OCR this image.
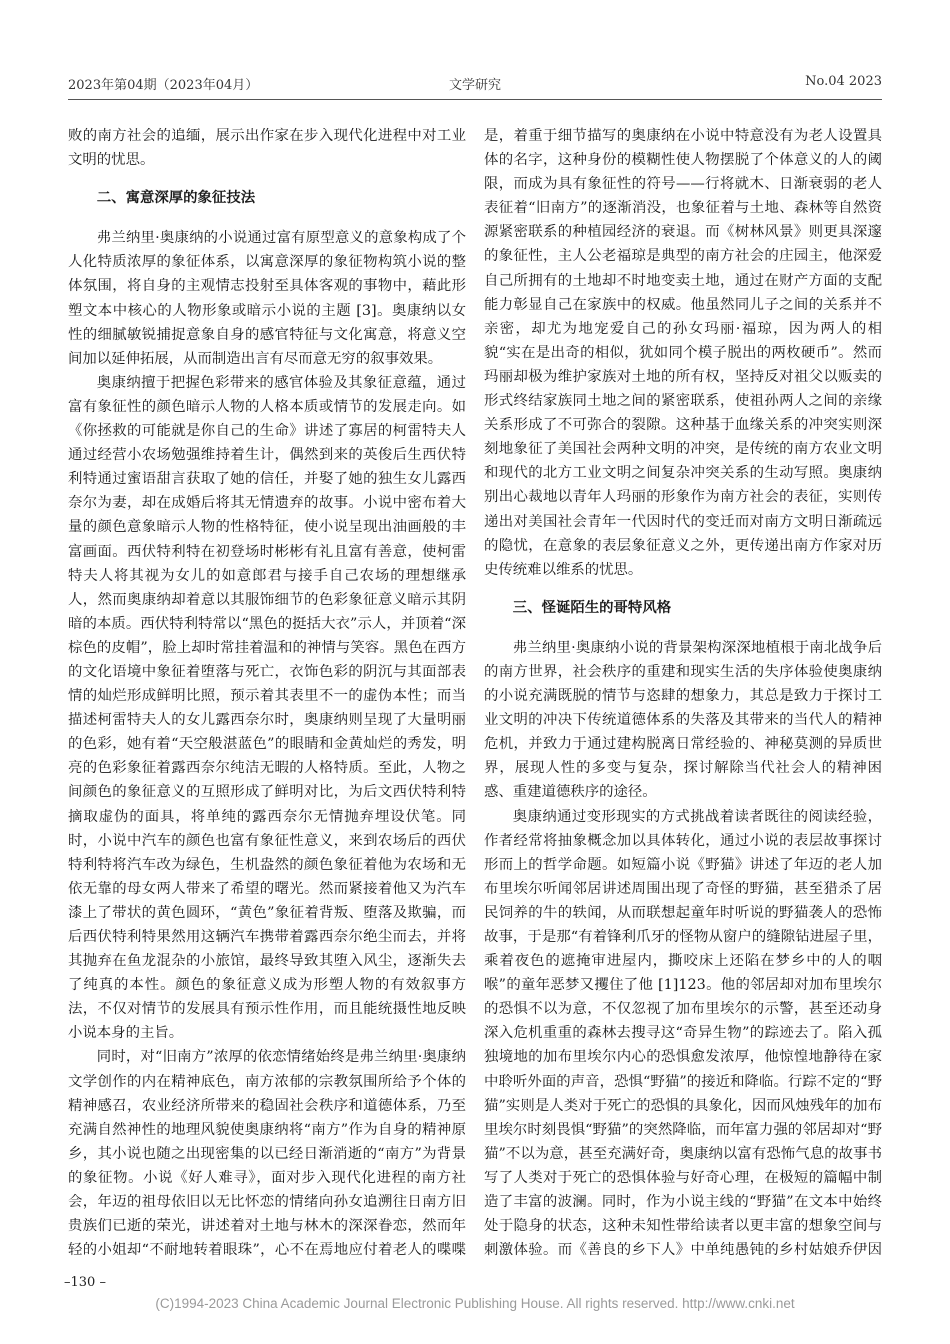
2023年第04期（2023年04月）	文学研究	No.04 2023

败的南方社会的追缅，展示出作家在步入现代化进程中对工业文明的忧思。

二、寓意深厚的象征技法

弗兰纳里·奥康纳的小说通过富有原型意义的意象构成了个人化特质浓厚的象征体系，以寓意深厚的象征物构筑小说的整体氛围，将自身的主观情志投射至具体客观的事物中，藉此形塑文本中核心的人物形象或暗示小说的主题 [3]。奥康纳以女性的细腻敏锐捕捉意象自身的感官特征与文化寓意，将意义空间加以延伸拓展，从而制造出言有尽而意无穷的叙事效果。

奥康纳擅于把握色彩带来的感官体验及其象征意蕴，通过富有象征性的颜色暗示人物的人格本质或情节的发展走向。如《你拯救的可能就是你自己的生命》讲述了寡居的柯雷特夫人通过经营小农场勉强维持着生计，偶然到来的英俊后生西伏特利特通过蜜语甜言获取了她的信任，并娶了她的独生女儿露西奈尔为妻，却在成婚后将其无情遗弃的故事。小说中密布着大量的颜色意象暗示人物的性格特征，使小说呈现出油画般的丰富画面。西伏特利特在初登场时彬彬有礼且富有善意，使柯雷特夫人将其视为女儿的如意郎君与接手自己农场的理想继承人，然而奥康纳却着意以其服饰细节的色彩象征意义暗示其阴暗的本质。西伏特利特常以“黑色的挺括大衣”示人，并顶着“深棕色的皮帽”，脸上却时常挂着温和的神情与笑容。黑色在西方的文化语境中象征着堕落与死亡，衣饰色彩的阴沉与其面部表情的灿烂形成鲜明比照，预示着其表里不一的虚伪本性；而当描述柯雷特夫人的女儿露西奈尔时，奥康纳则呈现了大量明丽的色彩，她有着“天空般湛蓝色”的眼睛和金黄灿烂的秀发，明亮的色彩象征着露西奈尔纯洁无暇的人格特质。至此，人物之间颜色的象征意义的互照形成了鲜明对比，为后文西伏特利特摘取虚伪的面具，将单纯的露西奈尔无情抛弃埋设伏笔。同时，小说中汽车的颜色也富有象征性意义，来到农场后的西伏特利特将汽车改为绿色，生机盎然的颜色象征着他为农场和无依无靠的母女两人带来了希望的曙光。然而紧接着他又为汽车漆上了带状的黄色圆环，“黄色”象征着背叛、堕落及欺骗，而后西伏特利特果然用这辆汽车携带着露西奈尔绝尘而去，并将其抛弃在鱼龙混杂的小旅馆，最终导致其堕入风尘，逐渐失去了纯真的本性。颜色的象征意义成为形塑人物的有效叙事方法，不仅对情节的发展具有预示性作用，而且能统摄性地反映小说本身的主旨。

同时，对“旧南方”浓厚的依恋情绪始终是弗兰纳里·奥康纳文学创作的内在精神底色，南方浓郁的宗教氛围所给予个体的精神感召，农业经济所带来的稳固社会秩序和道德体系，乃至充满自然神性的地理风貌使奥康纳将“南方”作为自身的精神原乡，其小说也随之出现密集的以已经日渐消逝的“南方”为背景的象征物。小说《好人难寻》，面对步入现代化进程的南方社会，年迈的祖母依旧以无比怀恋的情绪向孙女追溯往日南方旧贵族们已逝的荣光，讲述着对土地与林木的深深眷恋，然而年轻的小姐却“不耐地转着眼珠”，心不在焉地应付着老人的喋喋

是，着重于细节描写的奥康纳在小说中特意没有为老人设置具体的名字，这种身份的模糊性使人物摆脱了个体意义的人的阈限，而成为具有象征性的符号——行将就木、日渐衰弱的老人表征着“旧南方”的逐渐消没，也象征着与土地、森林等自然资源紧密联系的种植园经济的衰退。而《树林风景》则更具深邃的象征性，主人公老福琼是典型的南方社会的庄园主，他深爱自己所拥有的土地却不时地变卖土地，通过在财产方面的支配能力彰显自己在家族中的权威。他虽然同儿子之间的关系并不亲密，却尤为地宠爱自己的孙女玛丽·福琼，因为两人的相貌“实在是出奇的相似，犹如同个模子脱出的两枚硬币”。然而玛丽却极为维护家族对土地的所有权，坚持反对祖父以贩卖的形式终结家族同土地之间的紧密联系，使祖孙两人之间的亲缘关系形成了不可弥合的裂隙。这种基于血缘关系的冲突实则深刻地象征了美国社会两种文明的冲突，是传统的南方农业文明和现代的北方工业文明之间复杂冲突关系的生动写照。奥康纳别出心裁地以青年人玛丽的形象作为南方社会的表征，实则传递出对美国社会青年一代因时代的变迁而对南方文明日渐疏远的隐忧，在意象的表层象征意义之外，更传递出南方作家对历史传统难以维系的忧思。

三、怪诞陌生的哥特风格

弗兰纳里·奥康纳小说的背景架构深深地植根于南北战争后的南方世界，社会秩序的重建和现实生活的失序体验使奥康纳的小说充满既脱的情节与恣肆的想象力，其总是致力于探讨工业文明的冲决下传统道德体系的失落及其带来的当代人的精神危机，并致力于通过建构脱离日常经验的、神秘莫测的异质世界，展现人性的多变与复杂，探讨解除当代社会人的精神困惑、重建道德秩序的途径。

奥康纳通过变形现实的方式挑战着读者既往的阅读经验，作者经常将抽象概念加以具体转化，通过小说的表层故事探讨形而上的哲学命题。如短篇小说《野猫》讲述了年迈的老人加布里埃尔听闻邻居讲述周围出现了奇怪的野猫，甚至猎杀了居民饲养的牛的轶闻，从而联想起童年时听说的野猫袭人的恐怖故事，于是那“有着锋利爪牙的怪物从窗户的缝隙钻进屋子里，乘着夜色的遮掩审进屋内，撕咬床上还陷在梦乡中的人的咽喉”的童年恶梦又攫住了他 [1]123。他的邻居却对加布里埃尔的恐惧不以为意，不仅忽视了加布里埃尔的示警，甚至还动身深入危机重重的森林去搜寻这“奇异生物”的踪迹去了。陷入孤独境地的加布里埃尔内心的恐惧愈发浓厚，他惊惶地静待在家中聆听外面的声音，恐惧“野猫”的接近和降临。行踪不定的“野猫”实则是人类对于死亡的恐惧的具象化，因而风烛残年的加布里埃尔时刻畏惧“野猫”的突然降临，而年富力强的邻居却对“野猫”不以为意，甚至充满好奇，奥康纳以富有恐怖气息的故事书写了人类对于死亡的恐惧体验与好奇心理，在极短的篇幅中制造了丰富的波澜。同时，作为小说主线的“野猫”在文本中始终处于隐身的状态，这种未知性带给读者以更丰富的想象空间与刺激体验。而《善良的乡下人》中单纯愚钝的乡村姑娘乔伊因

–130 –
(C)1994-2023 China Academic Journal Electronic Publishing House. All rights reserved. http://www.cnki.net
